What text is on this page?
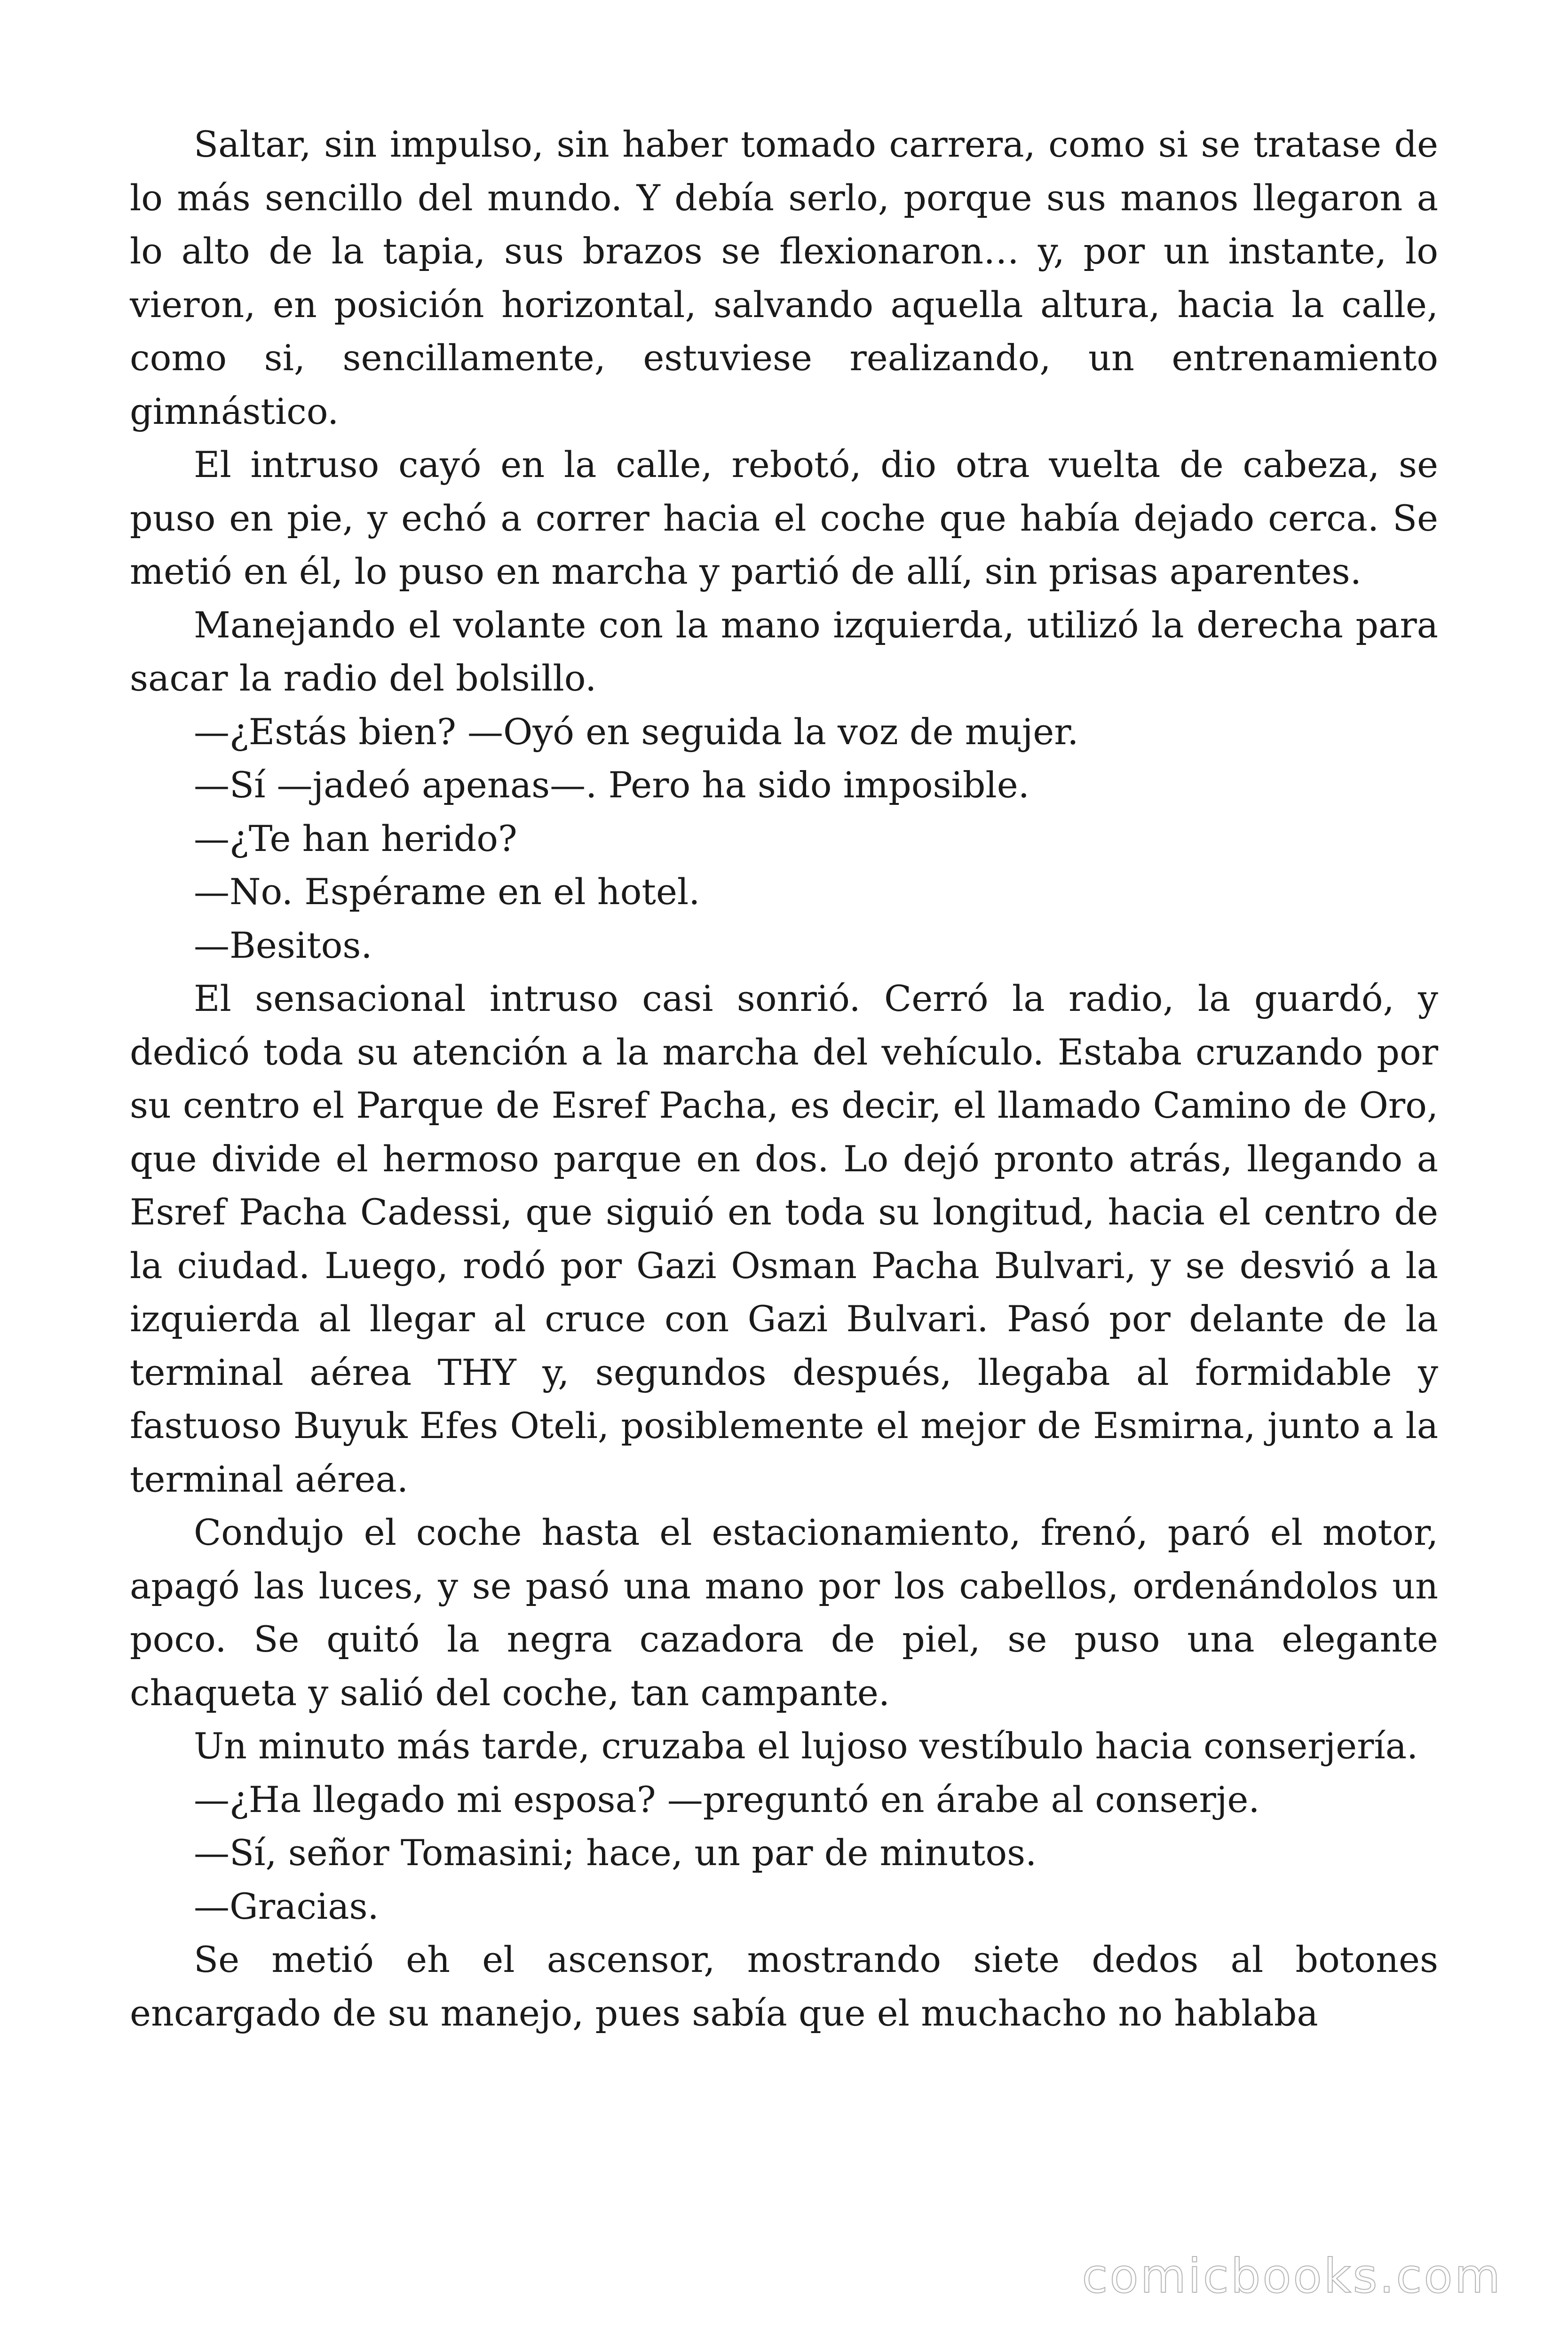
Saltar, sin impulso, sin haber tomado carrera, como si se tratase de lo más sencillo del mundo. Y debía serlo, porque sus manos llegaron a lo alto de la tapia, sus brazos se flexionaron… y, por un instante, lo vieron, en posición horizontal, salvando aquella altura, hacia la calle, como si, sencillamente, estuviese realizando, un entrenamiento gimnástico.

El intruso cayó en la calle, rebotó, dio otra vuelta de cabeza, se puso en pie, y echó a correr hacia el coche que había dejado cerca. Se metió en él, lo puso en marcha y partió de allí, sin prisas aparentes.

Manejando el volante con la mano izquierda, utilizó la derecha para sacar la radio del bolsillo.

—¿Estás bien? —Oyó en seguida la voz de mujer.

—Sí —jadeó apenas—. Pero ha sido imposible.

—¿Te han herido?

—No. Espérame en el hotel.

—Besitos.

El sensacional intruso casi sonrió. Cerró la radio, la guardó, y dedicó toda su atención a la marcha del vehículo. Estaba cruzando por su centro el Parque de Esref Pacha, es decir, el llamado Camino de Oro, que divide el hermoso parque en dos. Lo dejó pronto atrás, llegando a Esref Pacha Cadessi, que siguió en toda su longitud, hacia el centro de la ciudad. Luego, rodó por Gazi Osman Pacha Bulvari, y se desvió a la izquierda al llegar al cruce con Gazi Bulvari. Pasó por delante de la terminal aérea THY y, segundos después, llegaba al formidable y fastuoso Buyuk Efes Oteli, posiblemente el mejor de Esmirna, junto a la terminal aérea.

Condujo el coche hasta el estacionamiento, frenó, paró el motor, apagó las luces, y se pasó una mano por los cabellos, ordenándolos un poco. Se quitó la negra cazadora de piel, se puso una elegante chaqueta y salió del coche, tan campante.

Un minuto más tarde, cruzaba el lujoso vestíbulo hacia conserjería.

—¿Ha llegado mi esposa? —preguntó en árabe al conserje.

—Sí, señor Tomasini; hace, un par de minutos.

—Gracias.

Se metió eh el ascensor, mostrando siete dedos al botones encargado de su manejo, pues sabía que el muchacho no hablaba

comicbooks.com
